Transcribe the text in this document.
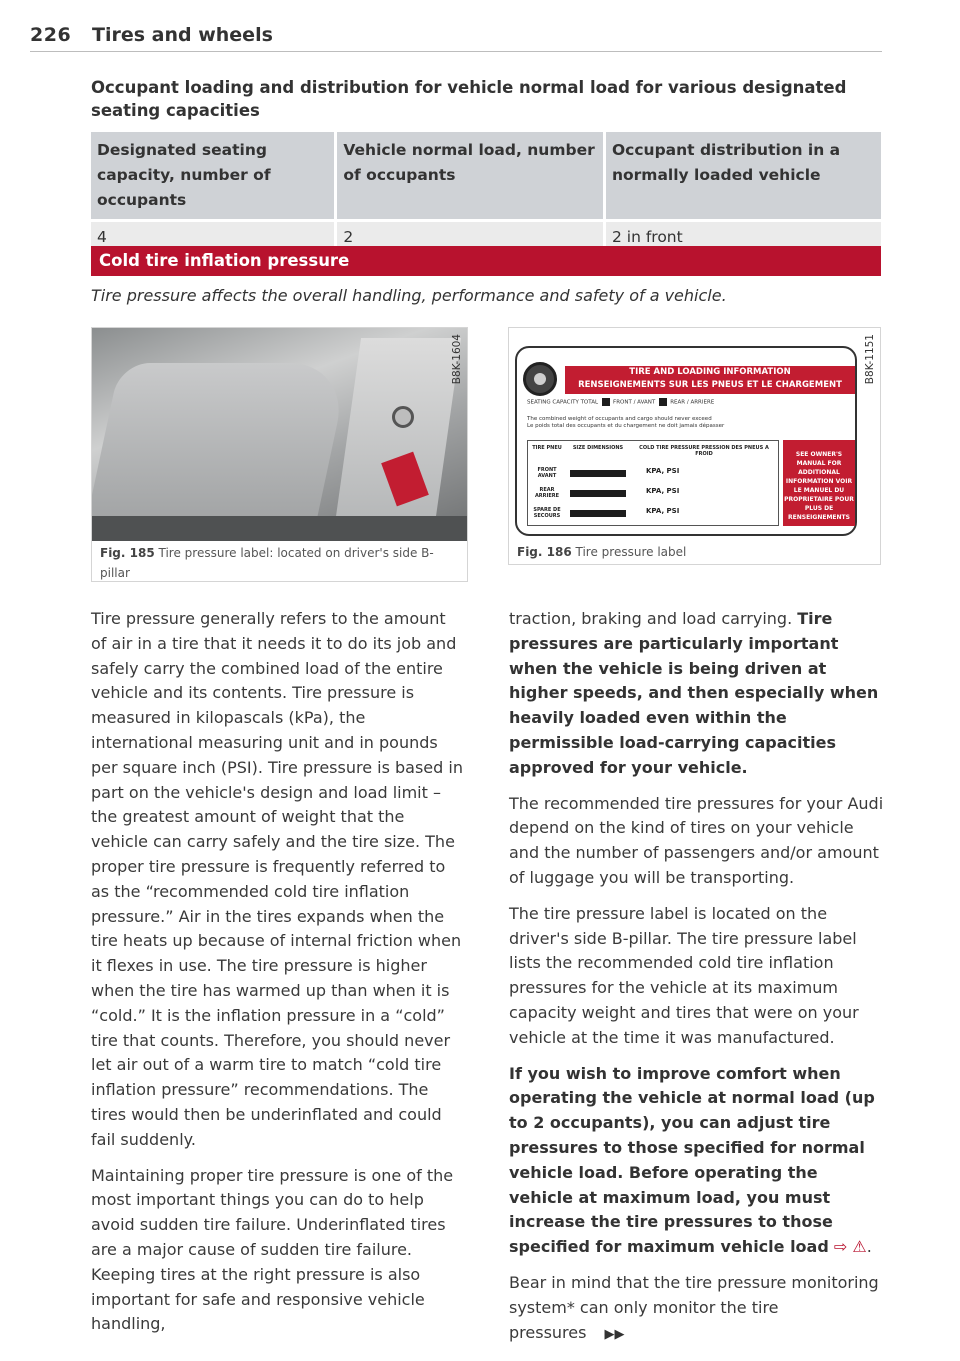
226 Tires and wheels
Occupant loading and distribution for vehicle normal load for various designated seating capacities
Designated seating capacity, number of occupants	Vehicle normal load, number of occupants	Occupant distribution in a normally loaded vehicle
4	2	2 in front
Cold tire inflation pressure
Tire pressure affects the overall handling, performance and safety of a vehicle.
B8K-1604
Fig. 185 Tire pressure label: located on driver's side B-pillar
TIRE AND LOADING INFORMATION
RENSEIGNEMENTS SUR LES PNEUS ET LE CHARGEMENT
SEATING CAPACITY TOTAL	FRONT / AVANT	REAR / ARRIERE
The combined weight of occupants and cargo should never exceed
Le poids total des occupants et du chargement ne doit jamais dépasser
TIRE PNEU	SIZE DIMENSIONS	COLD TIRE PRESSURE PRESSION DES PNEUS A FROID
FRONT AVANT
REAR ARRIERE
SPARE DE SECOURS
KPA, PSI
KPA, PSI
KPA, PSI
SEE OWNER'S MANUAL FOR ADDITIONAL INFORMATION VOIR LE MANUEL DU PROPRIETAIRE POUR PLUS DE RENSEIGNEMENTS
B8K-1151
Fig. 186 Tire pressure label

Tire pressure generally refers to the amount of air in a tire that it needs it to do its job and safely carry the combined load of the entire vehicle and its contents. Tire pressure is measured in kilopascals (kPa), the international measuring unit and in pounds per square inch (PSI). Tire pressure is based in part on the vehicle's design and load limit – the greatest amount of weight that the vehicle can carry safely and the tire size. The proper tire pressure is frequently referred to as the “recommended cold tire inflation pressure.” Air in the tires expands when the tire heats up because of internal friction when it flexes in use. The tire pressure is higher when the tire has warmed up than when it is “cold.” It is the inflation pressure in a “cold” tire that counts. Therefore, you should never let air out of a warm tire to match “cold tire inflation pressure” recommendations. The tires would then be underinflated and could fail suddenly.

Maintaining proper tire pressure is one of the most important things you can do to help avoid sudden tire failure. Underinflated tires are a major cause of sudden tire failure. Keeping tires at the right pressure is also important for safe and responsive vehicle handling,

traction, braking and load carrying. Tire pressures are particularly important when the vehicle is being driven at higher speeds, and then especially when heavily loaded even within the permissible load-carrying capacities approved for your vehicle.

The recommended tire pressures for your Audi depend on the kind of tires on your vehicle and the number of passengers and/or amount of luggage you will be transporting.

The tire pressure label is located on the driver's side B-pillar. The tire pressure label lists the recommended cold tire inflation pressures for the vehicle at its maximum capacity weight and tires that were on your vehicle at the time it was manufactured.

If you wish to improve comfort when operating the vehicle at normal load (up to 2 occupants), you can adjust tire pressures to those specified for normal vehicle load. Before operating the vehicle at maximum load, you must increase the tire pressures to those specified for maximum vehicle load ⇨ ⚠.

Bear in mind that the tire pressure monitoring system* can only monitor the tire pressures ▶▶
